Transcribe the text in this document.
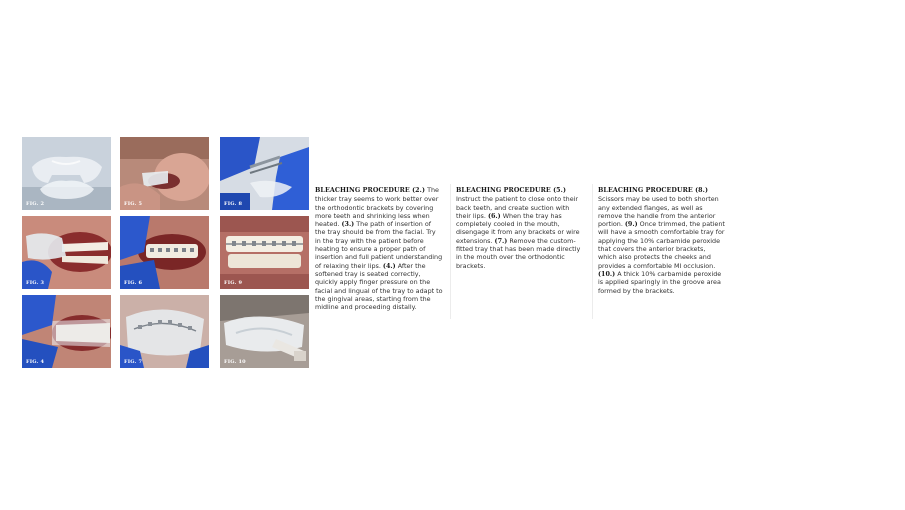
FIG. 2	FIG. 5	FIG. 8
FIG. 3	FIG. 6	FIG. 9
FIG. 4	FIG. 7	FIG. 10

BLEACHING PROCEDURE (2.) The thicker tray seems to work better over the orthodontic brackets by covering more teeth and shrinking less when heated. (3.) The path of insertion of the tray should be from the facial. Try in the tray with the patient before heating to ensure a proper path of insertion and full patient understanding of relaxing their lips. (4.) After the softened tray is seated correctly, quickly apply finger pressure on the facial and lingual of the tray to adapt to the gingival areas, starting from the midline and proceeding distally.

BLEACHING PROCEDURE (5.) Instruct the patient to close onto their back teeth, and create suction with their lips. (6.) When the tray has completely cooled in the mouth, disengage it from any brackets or wire extensions. (7.) Remove the custom-fitted tray that has been made directly in the mouth over the orthodontic brackets.

BLEACHING PROCEDURE (8.) Scissors may be used to both shorten any extended flanges, as well as remove the handle from the anterior portion. (9.) Once trimmed, the patient will have a smooth comfortable tray for applying the 10% carbamide peroxide that covers the anterior brackets, which also protects the cheeks and provides a comfortable MI occlusion. (10.) A thick 10% carbamide peroxide is applied sparingly in the groove area formed by the brackets.
